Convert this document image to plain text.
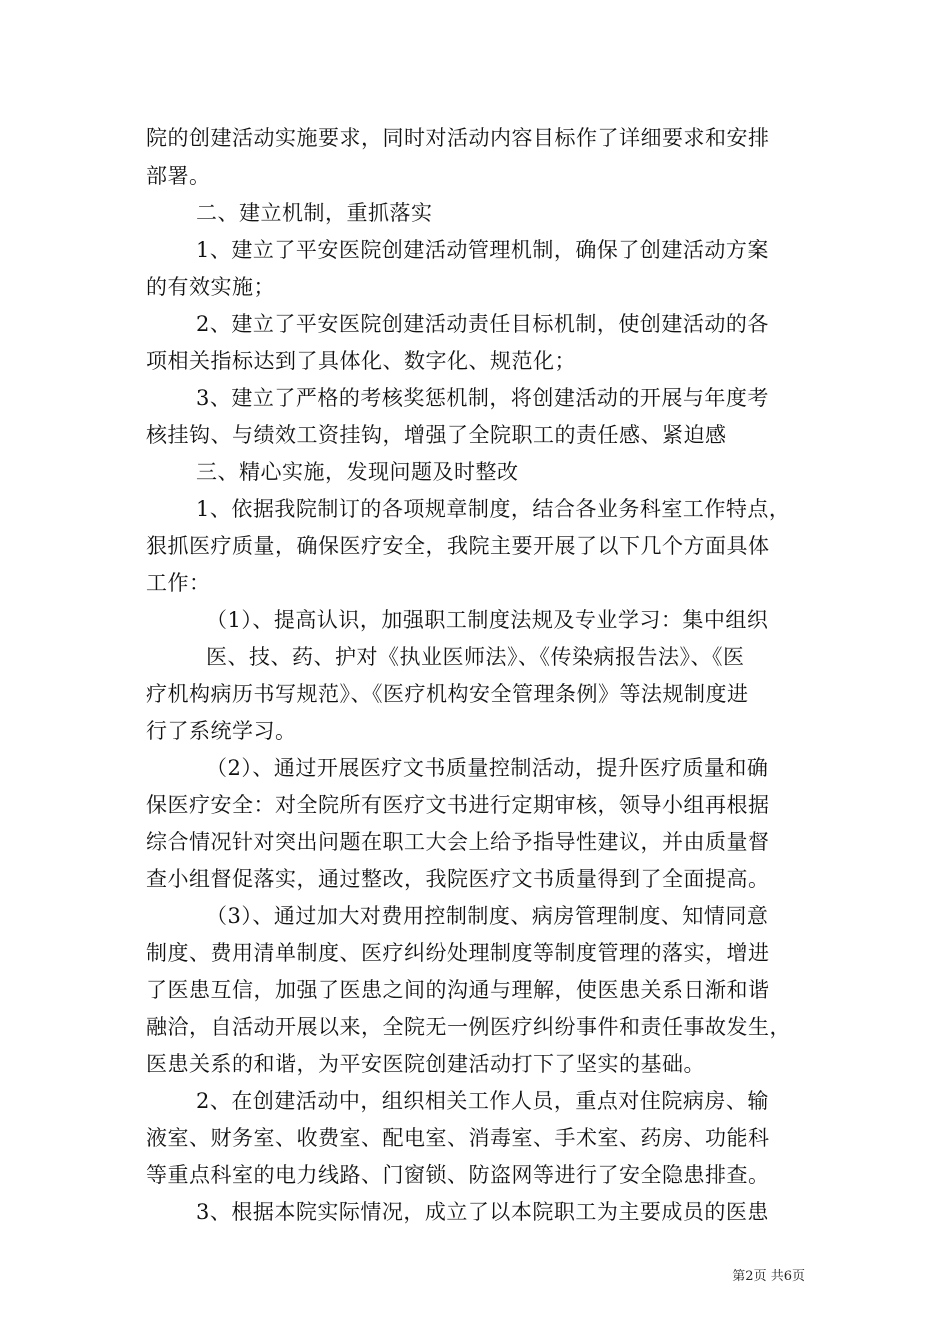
院的创建活动实施要求，同时对活动内容目标作了详细要求和安排
部署。
二、建立机制，重抓落实
1、建立了平安医院创建活动管理机制，确保了创建活动方案
的有效实施；
2、建立了平安医院创建活动责任目标机制，使创建活动的各
项相关指标达到了具体化、数字化、规范化；
3、建立了严格的考核奖惩机制，将创建活动的开展与年度考
核挂钩、与绩效工资挂钩，增强了全院职工的责任感、紧迫感
三、精心实施，发现问题及时整改
1、依据我院制订的各项规章制度，结合各业务科室工作特点，
狠抓医疗质量，确保医疗安全，我院主要开展了以下几个方面具体
工作：
（1）、提高认识，加强职工制度法规及专业学习：集中组织
医、技、药、护对《执业医师法》、《传染病报告法》、《医
疗机构病历书写规范》、《医疗机构安全管理条例》等法规制度进
行了系统学习。
（2）、通过开展医疗文书质量控制活动，提升医疗质量和确
保医疗安全：对全院所有医疗文书进行定期审核，领导小组再根据
综合情况针对突出问题在职工大会上给予指导性建议，并由质量督
查小组督促落实，通过整改，我院医疗文书质量得到了全面提高。
（3）、通过加大对费用控制制度、病房管理制度、知情同意
制度、费用清单制度、医疗纠纷处理制度等制度管理的落实，增进
了医患互信，加强了医患之间的沟通与理解，使医患关系日渐和谐
融洽，自活动开展以来，全院无一例医疗纠纷事件和责任事故发生，
医患关系的和谐，为平安医院创建活动打下了坚实的基础。
2、在创建活动中，组织相关工作人员，重点对住院病房、输
液室、财务室、收费室、配电室、消毒室、手术室、药房、功能科
等重点科室的电力线路、门窗锁、防盗网等进行了安全隐患排查。
3、根据本院实际情况，成立了以本院职工为主要成员的医患
第2页 共6页
